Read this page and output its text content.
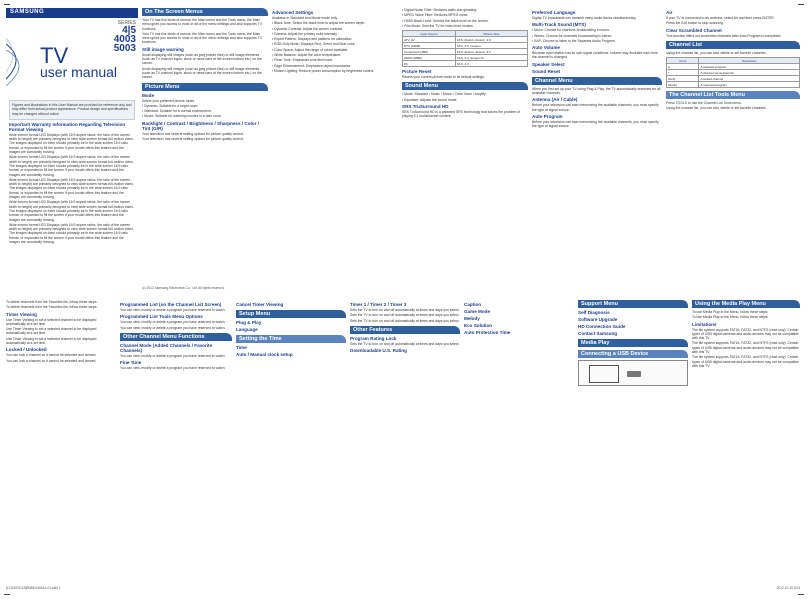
SAMSUNG
SERIES
4|5
4003
5003
TV
user manual
Figures and illustrations in this User Manual are provided for reference only and may differ from actual product appearance. Product design and specifications may be changed without notice.
Important Warranty Information Regarding Television Format Viewing
Wide screen format LED Displays (with 16:9 aspect ratios, the ratio of the screen width to height) are primarily designed to view wide screen format full-motion video. The images displayed on them should primarily be in the wide screen 16:9 ratio format, or expanded to fill the screen if your model offers this feature and the images are constantly moving.
Wide screen format LED Displays (with 16:9 aspect ratios, the ratio of the screen width to height) are primarily designed to view wide screen format full-motion video. The images displayed on them should primarily be in the wide screen 16:9 ratio format, or expanded to fill the screen if your model offers this feature and the images are constantly moving.
Wide screen format LED Displays (with 16:9 aspect ratios, the ratio of the screen width to height) are primarily designed to view wide screen format full-motion video. The images displayed on them should primarily be in the wide screen 16:9 ratio format, or expanded to fill the screen if your model offers this feature and the images are constantly moving.
Wide screen format LED Displays (with 16:9 aspect ratios, the ratio of the screen width to height) are primarily designed to view wide screen format full-motion video. The images displayed on them should primarily be in the wide screen 16:9 ratio format, or expanded to fill the screen if your model offers this feature and the images are constantly moving.
Wide screen format LED Displays (with 16:9 aspect ratios, the ratio of the screen width to height) are primarily designed to view wide screen format full-motion video. The images displayed on them should primarily be in the wide screen 16:9 ratio format, or expanded to fill the screen if your model offers this feature and the images are constantly moving.
On The Screen Menus
Your TV has five kinds of menus: the Main menu and the Tools menu, the Main menu gives you access to most or all of the menu settings and also supports TV functions.
Your TV has five kinds of menus: the Main menu and the Tools menu, the Main menu gives you access to most or all of the menu settings and also supports TV functions.
Still image warning
Avoid displaying still images (such as jpeg picture files) or still image elements (such as TV channel logos, stock or news bars at the screen bottom etc.) on the screen.
Avoid displaying still images (such as jpeg picture files) or still image elements (such as TV channel logos, stock or news bars at the screen bottom etc.) on the screen.
Picture Menu
Mode
Select your preferred picture mode.
▪ Dynamic: Suitable for a bright room.
▪ Standard: Suitable for a normal environment.
▪ Movie: Suitable for watching movies in a dark room.
Backlight / Contrast / Brightness / Sharpness / Color / Tint (G/R)
Your television has several setting options for picture quality control.
Your television has several setting options for picture quality control.
Advanced Settings
Available in Standard and Movie mode only.
▪ Black Tone: Select the black level to adjust the screen depth.
▪ Dynamic Contrast: Adjust the screen contrast.
▪ Gamma: Adjust the primary color intensity.
▪ Expert Pattern: Displays test patterns for calibration.
▪ RGB Only Mode: Displays Red, Green and Blue color.
▪ Color Space: Adjust the range of colors available.
▪ White Balance: Adjust the color temperature.
▪ Flesh Tone: Emphasize pink flesh tone.
▪ Edge Enhancement: Emphasize object boundaries.
▪ Motion Lighting: Reduce power consumption by brightness control.
▪ Digital Noise Filter: Reduces static and ghosting.
▪ MPEG Noise Filter: Reduces MPEG noise.
▪ HDMI Black Level: Selects the black level on the screen.
▪ Film Mode: Sets the TV for video from movies.
Input Source	Picture Size
ATV, AV	16:9, Zoom1, Zoom2, 4:3
DTV (1080i)	16:9, 4:3, Custom
Component (480i)	16:9, Zoom1, Zoom2, 4:3
HDMI (1080i)	16:9, 4:3, Screen Fit
PC	16:9, 4:3
Picture Reset
Resets your current picture mode to its default settings.
Sound Menu
▪ Mode: Standard / Music / Movie / Clear Voice / Amplify
▪ Equalizer: Adjusts the sound mode.
SRS TruSurround HD
SRS TruSurround HD is a patented SRS technology that solves the problem of playing 5.1 multichannel content.
Preferred Language
Digital-TV broadcasts can transmit many audio tracks simultaneously.
Multi-Track Sound (MTS)
▪ Mono: Choose for channels broadcasting in mono.
▪ Stereo: Choose for channels broadcasting in stereo.
▪ SAP: Choose to listen to the Separate Audio Program.
Auto Volume
Because each station has its own signal conditions, volume may fluctuate each time the channel is changed.
Speaker Select
Sound Reset
Channel Menu
When you first set up your TV using Plug & Play, the TV automatically searches for all available channels.
Antenna (Air / Cable)
Before your television can start memorizing the available channels, you must specify the type of signal source.
Auto Program
Before your television can start memorizing the available channels, you must specify the type of signal source.
Air
If your TV is connected to an antenna, select Air and then press ENTER.
Press the Exit button to stop scanning.
Clear Scrambled Channel
This function filters out scrambled channels after Auto Program is completed.
Channel List
Using the channel list, you can add, delete or set favorite channels.
Icons	Operations
A	A selected program
*	A channel set as Favorite
(lock)	A locked channel
(clock)	A reserved program
The Channel List Tools Menu
Press TOOLS to use the Channel List Tools menu.
Using the channel list, you can add, delete or set favorite channels.
(c) 2012 Samsung Electronics Co., Ltd. All rights reserved.
To delete channels from the Favorites list, follow these steps:
To delete channels from the Favorites list, follow these steps:
Timer Viewing
Use Timer Viewing to set a selected channel to be displayed automatically at a set time.
Use Timer Viewing to set a selected channel to be displayed automatically at a set time.
Use Timer Viewing to set a selected channel to be displayed automatically at a set time.
Locked / Unlocked
You can lock a channel so it cannot be selected and viewed.
You can lock a channel so it cannot be selected and viewed.
Programmed List (on the Channel List Screen)
You can view, modify or delete a program you have reserved to watch.
Programmed List Tools Menu Options
You can view, modify or delete a program you have reserved to watch.
You can view, modify or delete a program you have reserved to watch.
Other Channel Menu Functions
Channel Mode (Added Channels / Favorite Channels)
You can view, modify or delete a program you have reserved to watch.
Fine Tune
You can view, modify or delete a program you have reserved to watch.
Cancel Timer Viewing
Setup Menu
Plug & Play
Language
Setting the Time
Time
Auto / Manual clock setup
Timer 1 / Timer 2 / Timer 3
Sets the TV to turn on and off automatically at times and days you select.
Sets the TV to turn on and off automatically at times and days you select.
Sets the TV to turn on and off automatically at times and days you select.
Other Features
Program Rating Lock
Sets the TV to turn on and off automatically at times and days you select.
Downloadable U.S. Rating
Caption
Game Mode
Melody
Eco Solution
Auto Protection Time
Support Menu
Self Diagnosis
Software Upgrade
HD Connection Guide
Contact Samsung
Media Play
Connecting a USB Device
Using the Media Play Menu
To use Media Play in the Menu, follow these steps:
To use Media Play in the Menu, follow these steps:
Limitations
The file system supports FAT16, FAT32, and NTFS (read only). Certain types of USB digital cameras and audio devices may not be compatible with this TV.
The file system supports FAT16, FAT32, and NTFS (read only). Certain types of USB digital cameras and audio devices may not be compatible with this TV.
The file system supports FAT16, FAT32, and NTFS (read only). Certain types of USB digital cameras and audio devices may not be compatible with this TV.
[LCD4003-ZA]BN68-04816A-01.indd 1	2012-10-19 8:03
